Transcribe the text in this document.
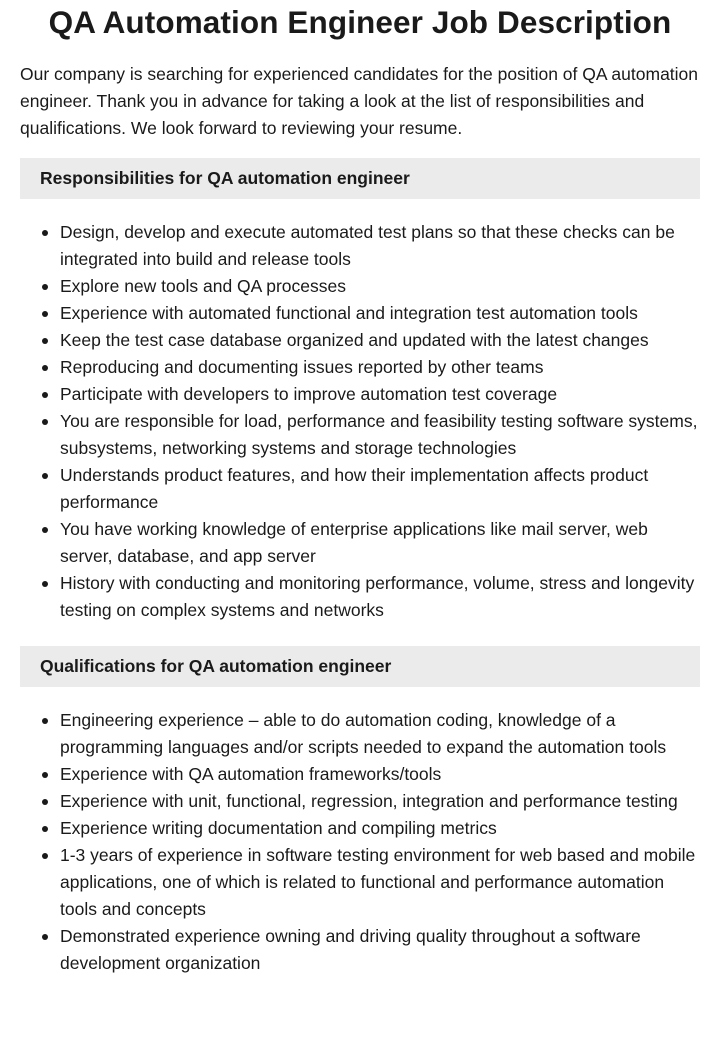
QA Automation Engineer Job Description

Our company is searching for experienced candidates for the position of QA automation engineer. Thank you in advance for taking a look at the list of responsibilities and qualifications. We look forward to reviewing your resume.

Responsibilities for QA automation engineer
Design, develop and execute automated test plans so that these checks can be integrated into build and release tools
Explore new tools and QA processes
Experience with automated functional and integration test automation tools
Keep the test case database organized and updated with the latest changes
Reproducing and documenting issues reported by other teams
Participate with developers to improve automation test coverage
You are responsible for load, performance and feasibility testing software systems, subsystems, networking systems and storage technologies
Understands product features, and how their implementation affects product performance
You have working knowledge of enterprise applications like mail server, web server, database, and app server
History with conducting and monitoring performance, volume, stress and longevity testing on complex systems and networks
Qualifications for QA automation engineer
Engineering experience – able to do automation coding, knowledge of a programming languages and/or scripts needed to expand the automation tools
Experience with QA automation frameworks/tools
Experience with unit, functional, regression, integration and performance testing
Experience writing documentation and compiling metrics
1-3 years of experience in software testing environment for web based and mobile applications, one of which is related to functional and performance automation tools and concepts
Demonstrated experience owning and driving quality throughout a software development organization
